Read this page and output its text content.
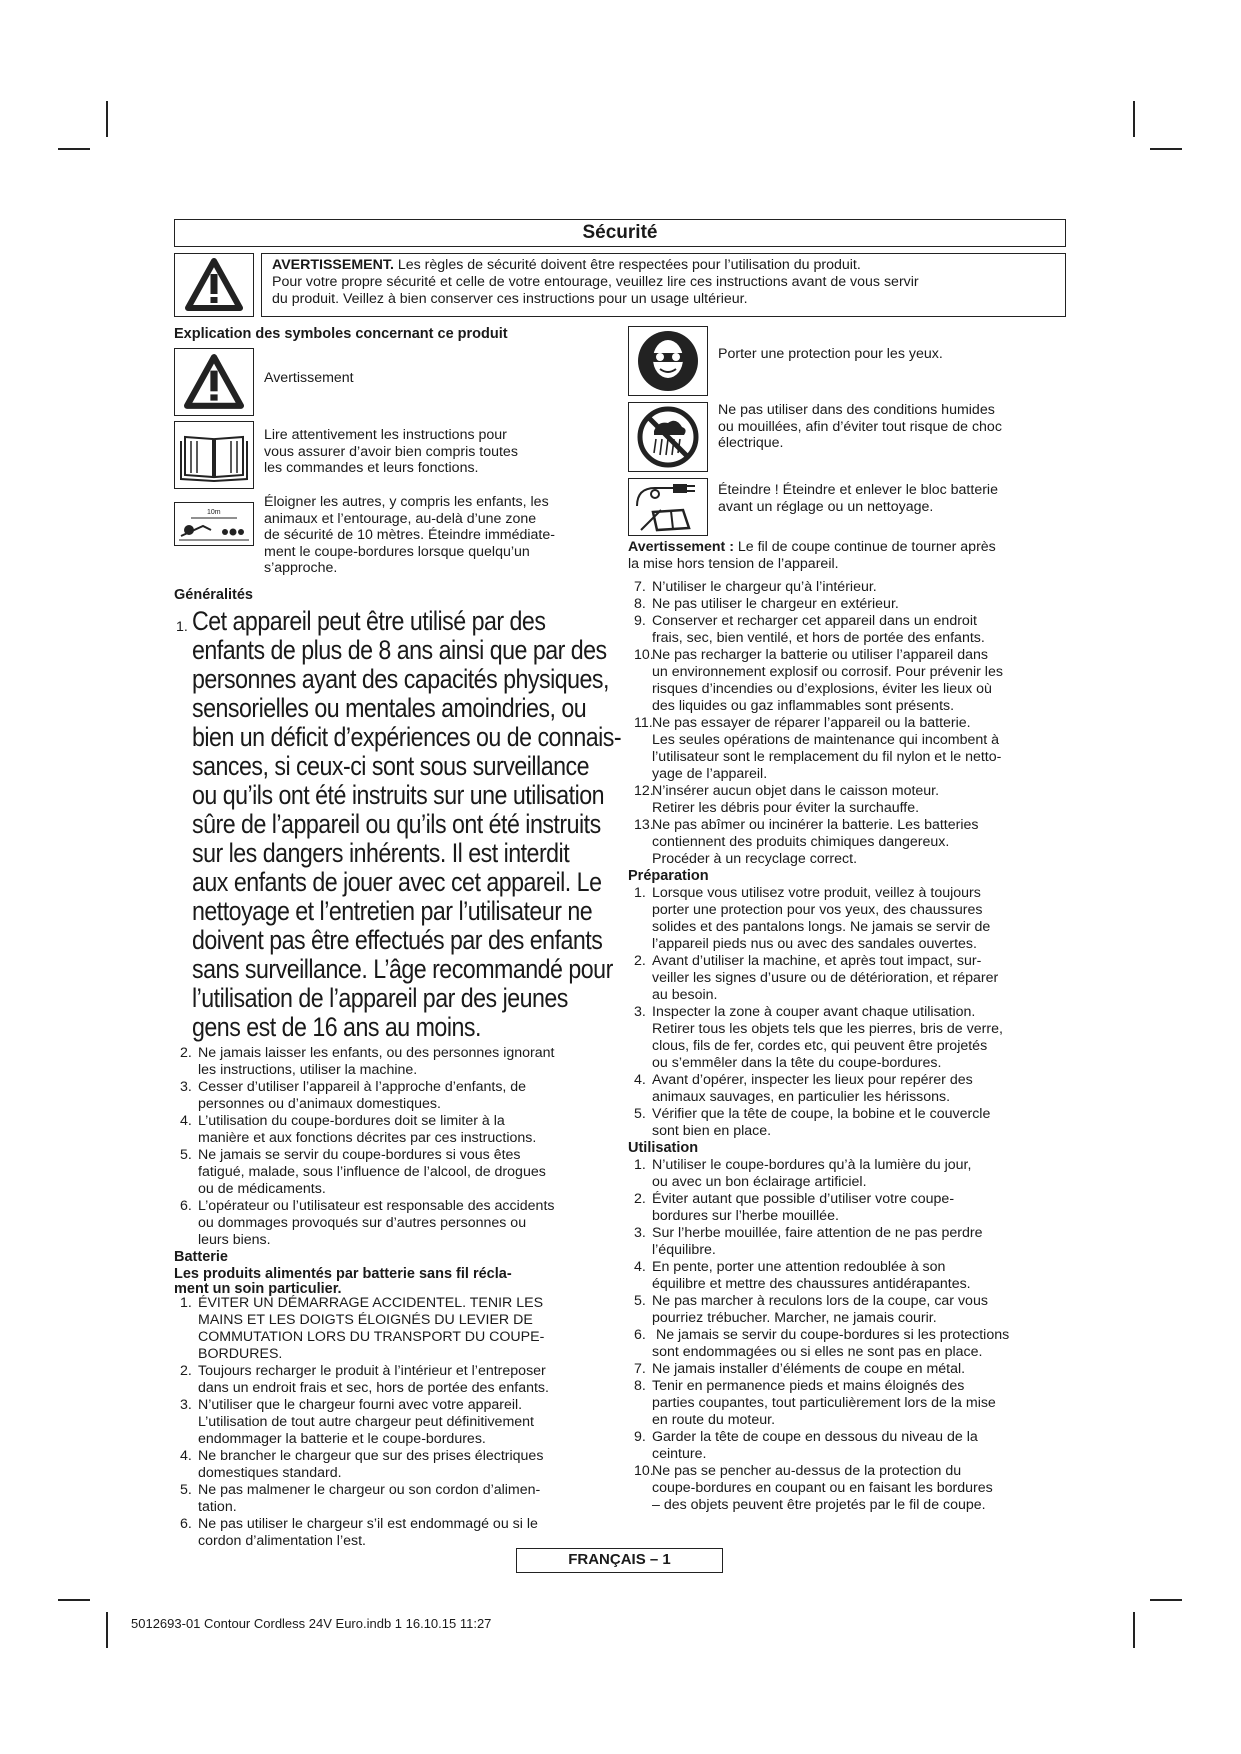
Sécurité
AVERTISSEMENT. Les règles de sécurité doivent être respectées pour l’utilisation du produit.
Pour votre propre sécurité et celle de votre entourage, veuillez lire ces instructions avant de vous servir
du produit. Veillez à bien conserver ces instructions pour un usage ultérieur.
Explication des symboles concernant ce produit
Avertissement
Lire attentivement les instructions pour
vous assurer d’avoir bien compris toutes
les commandes et leurs fonctions.
10m
Éloigner les autres, y compris les enfants, les
animaux et l’entourage, au-delà d’une zone
de sécurité de 10 mètres. Éteindre immédiate-
ment le coupe-bordures lorsque quelqu’un
s’approche.
Généralités
1. Cet appareil peut être utilisé par des
enfants de plus de 8 ans ainsi que par des
personnes ayant des capacités physiques,
sensorielles ou mentales amoindries, ou
bien un déficit d’expériences ou de connais-
sances, si ceux-ci sont sous surveillance
ou qu’ils ont été instruits sur une utilisation
sûre de l’appareil ou qu’ils ont été instruits
sur les dangers inhérents. Il est interdit
aux enfants de jouer avec cet appareil. Le
nettoyage et l’entretien par l’utilisateur ne
doivent pas être effectués par des enfants
sans surveillance. L’âge recommandé pour
l’utilisation de l’appareil par des jeunes
gens est de 16 ans au moins.
2. Ne jamais laisser les enfants, ou des personnes ignorant
les instructions, utiliser la machine.
3. Cesser d’utiliser l’appareil à l’approche d’enfants, de
personnes ou d’animaux domestiques.
4. L’utilisation du coupe-bordures doit se limiter à la
manière et aux fonctions décrites par ces instructions.
5. Ne jamais se servir du coupe-bordures si vous êtes
fatigué, malade, sous l’influence de l’alcool, de drogues
ou de médicaments.
6. L’opérateur ou l’utilisateur est responsable des accidents
ou dommages provoqués sur d’autres personnes ou
leurs biens.
Batterie
Les produits alimentés par batterie sans fil récla-
ment un soin particulier.
1. ÉVITER UN DÉMARRAGE ACCIDENTEL. TENIR LES
MAINS ET LES DOIGTS ÉLOIGNÉS DU LEVIER DE
COMMUTATION LORS DU TRANSPORT DU COUPE-
BORDURES.
2. Toujours recharger le produit à l’intérieur et l’entreposer
dans un endroit frais et sec, hors de portée des enfants.
3. N’utiliser que le chargeur fourni avec votre appareil.
L’utilisation de tout autre chargeur peut définitivement
endommager la batterie et le coupe-bordures.
4. Ne brancher le chargeur que sur des prises électriques
domestiques standard.
5. Ne pas malmener le chargeur ou son cordon d’alimen-
tation.
6. Ne pas utiliser le chargeur s’il est endommagé ou si le
cordon d’alimentation l’est.
Porter une protection pour les yeux.
Ne pas utiliser dans des conditions humides
ou mouillées, afin d’éviter tout risque de choc
électrique.
Éteindre ! Éteindre et enlever le bloc batterie
avant un réglage ou un nettoyage.
Avertissement : Le fil de coupe continue de tourner après
la mise hors tension de l’appareil.
7. N’utiliser le chargeur qu’à l’intérieur.
8. Ne pas utiliser le chargeur en extérieur.
9. Conserver et recharger cet appareil dans un endroit
frais, sec, bien ventilé, et hors de portée des enfants.
10.Ne pas recharger la batterie ou utiliser l’appareil dans
un environnement explosif ou corrosif. Pour prévenir les
risques d’incendies ou d’explosions, éviter les lieux où
des liquides ou gaz inflammables sont présents.
11.Ne pas essayer de réparer l’appareil ou la batterie.
Les seules opérations de maintenance qui incombent à
l’utilisateur sont le remplacement du fil nylon et le netto-
yage de l’appareil.
12.N’insérer aucun objet dans le caisson moteur.
Retirer les débris pour éviter la surchauffe.
13.Ne pas abîmer ou incinérer la batterie. Les batteries
contiennent des produits chimiques dangereux.
Procéder à un recyclage correct.
Préparation
1. Lorsque vous utilisez votre produit, veillez à toujours
porter une protection pour vos yeux, des chaussures
solides et des pantalons longs. Ne jamais se servir de
l’appareil pieds nus ou avec des sandales ouvertes.
2. Avant d’utiliser la machine, et après tout impact, sur-
veiller les signes d’usure ou de détérioration, et réparer
au besoin.
3. Inspecter la zone à couper avant chaque utilisation.
Retirer tous les objets tels que les pierres, bris de verre,
clous, fils de fer, cordes etc, qui peuvent être projetés
ou s’emmêler dans la tête du coupe-bordures.
4. Avant d’opérer, inspecter les lieux pour repérer des
animaux sauvages, en particulier les hérissons.
5. Vérifier que la tête de coupe, la bobine et le couvercle
sont bien en place.
Utilisation
1. N’utiliser le coupe-bordures qu’à la lumière du jour,
ou avec un bon éclairage artificiel.
2. Éviter autant que possible d’utiliser votre coupe-
bordures sur l’herbe mouillée.
3. Sur l’herbe mouillée, faire attention de ne pas perdre
l’équilibre.
4. En pente, porter une attention redoublée à son
équilibre et mettre des chaussures antidérapantes.
5. Ne pas marcher à reculons lors de la coupe, car vous
pourriez trébucher. Marcher, ne jamais courir.
6. Ne jamais se servir du coupe-bordures si les protections
sont endommagées ou si elles ne sont pas en place.
7. Ne jamais installer d’éléments de coupe en métal.
8. Tenir en permanence pieds et mains éloignés des
parties coupantes, tout particulièrement lors de la mise
en route du moteur.
9. Garder la tête de coupe en dessous du niveau de la
ceinture.
10.Ne pas se pencher au-dessus de la protection du
coupe-bordures en coupant ou en faisant les bordures
– des objets peuvent être projetés par le fil de coupe.
FRANÇAIS – 1
5012693-01 Contour Cordless 24V Euro.indb 1 16.10.15 11:27
